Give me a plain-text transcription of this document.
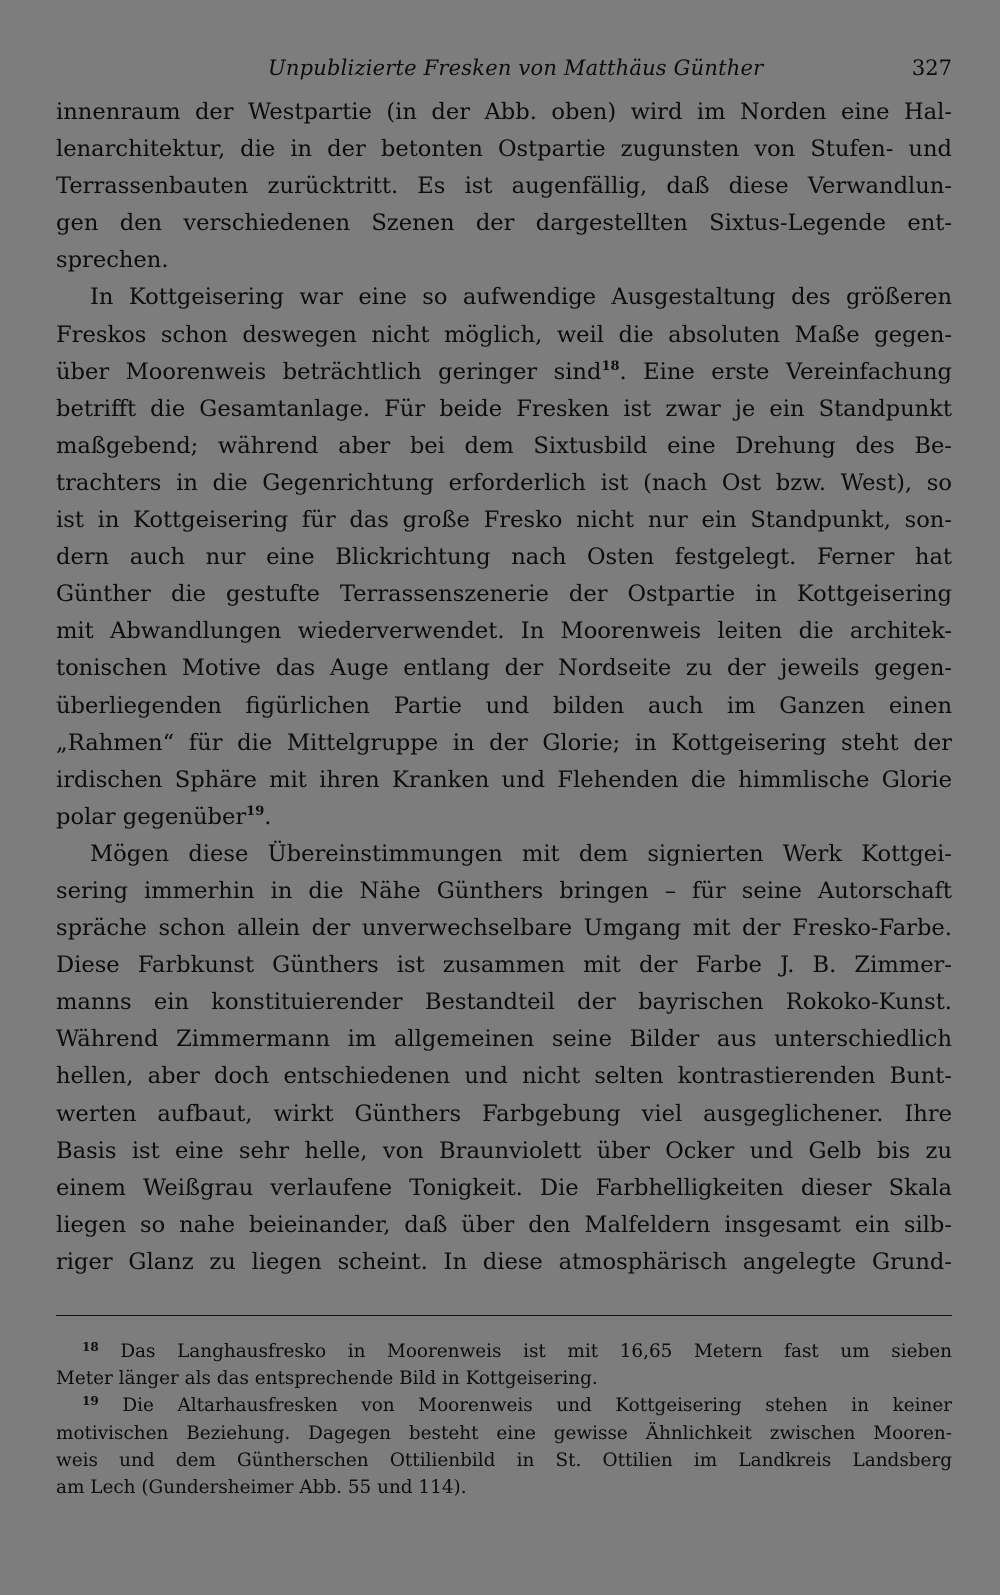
Unpublizierte Fresken von Matthäus Günther	327
innenraum der Westpartie (in der Abb. oben) wird im Norden eine Hal-
lenarchitektur, die in der betonten Ostpartie zugunsten von Stufen- und
Terrassenbauten zurücktritt. Es ist augenfällig, daß diese Verwandlun-
gen den verschiedenen Szenen der dargestellten Sixtus-Legende ent-
sprechen.
In Kottgeisering war eine so aufwendige Ausgestaltung des größeren
Freskos schon deswegen nicht möglich, weil die absoluten Maße gegen-
über Moorenweis beträchtlich geringer sind$^{18}$. Eine erste Vereinfachung
betrifft die Gesamtanlage. Für beide Fresken ist zwar je ein Standpunkt
maßgebend; während aber bei dem Sixtusbild eine Drehung des Be-
trachters in die Gegenrichtung erforderlich ist (nach Ost bzw. West), so
ist in Kottgeisering für das große Fresko nicht nur ein Standpunkt, son-
dern auch nur eine Blickrichtung nach Osten festgelegt. Ferner hat
Günther die gestufte Terrassenszenerie der Ostpartie in Kottgeisering
mit Abwandlungen wiederverwendet. In Moorenweis leiten die architek-
tonischen Motive das Auge entlang der Nordseite zu der jeweils gegen-
überliegenden figürlichen Partie und bilden auch im Ganzen einen
„Rahmen“ für die Mittelgruppe in der Glorie; in Kottgeisering steht der
irdischen Sphäre mit ihren Kranken und Flehenden die himmlische Glorie
polar gegenüber$^{19}$.
Mögen diese Übereinstimmungen mit dem signierten Werk Kottgei-
sering immerhin in die Nähe Günthers bringen – für seine Autorschaft
spräche schon allein der unverwechselbare Umgang mit der Fresko-Farbe.
Diese Farbkunst Günthers ist zusammen mit der Farbe J. B. Zimmer-
manns ein konstituierender Bestandteil der bayrischen Rokoko-Kunst.
Während Zimmermann im allgemeinen seine Bilder aus unterschiedlich
hellen, aber doch entschiedenen und nicht selten kontrastierenden Bunt-
werten aufbaut, wirkt Günthers Farbgebung viel ausgeglichener. Ihre
Basis ist eine sehr helle, von Braunviolett über Ocker und Gelb bis zu
einem Weißgrau verlaufene Tonigkeit. Die Farbhelligkeiten dieser Skala
liegen so nahe beieinander, daß über den Malfeldern insgesamt ein silb-
riger Glanz zu liegen scheint. In diese atmosphärisch angelegte Grund-
$^{18}$ Das Langhausfresko in Moorenweis ist mit 16,65 Metern fast um sieben
Meter länger als das entsprechende Bild in Kottgeisering.
$^{19}$ Die Altarhausfresken von Moorenweis und Kottgeisering stehen in keiner
motivischen Beziehung. Dagegen besteht eine gewisse Ähnlichkeit zwischen Mooren-
weis und dem Güntherschen Ottilienbild in St. Ottilien im Landkreis Landsberg
am Lech (Gundersheimer Abb. 55 und 114).
